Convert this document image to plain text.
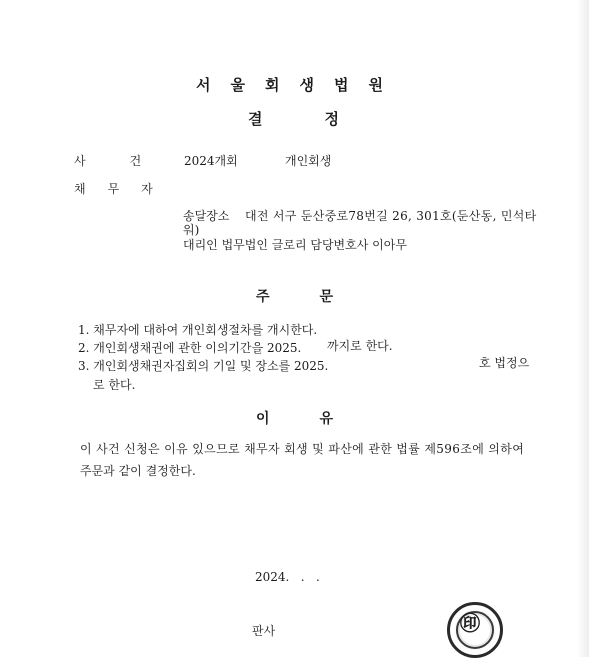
서울회생법원
결정
사건
2024개회	개인회생
채무자
송달장소 대전 서구 둔산중로78번길 26, 301호(둔산동, 민석타
워)
대리인 법무법인 글로리 담당변호사 이아무
주문
1. 채무자에 대하여 개인회생절차를 개시한다.
2. 개인회생채권에 관한 이의기간을 2025. 까지로 한다.
3. 개인회생채권자집회의 기일 및 장소를 2025.	호 법정으
로 한다.
이유
이 사건 신청은 이유 있으므로 채무자 회생 및 파산에 관한 법률 제596조에 의하여
주문과 같이 결정한다.
2024.   .   .
판사	㊞
